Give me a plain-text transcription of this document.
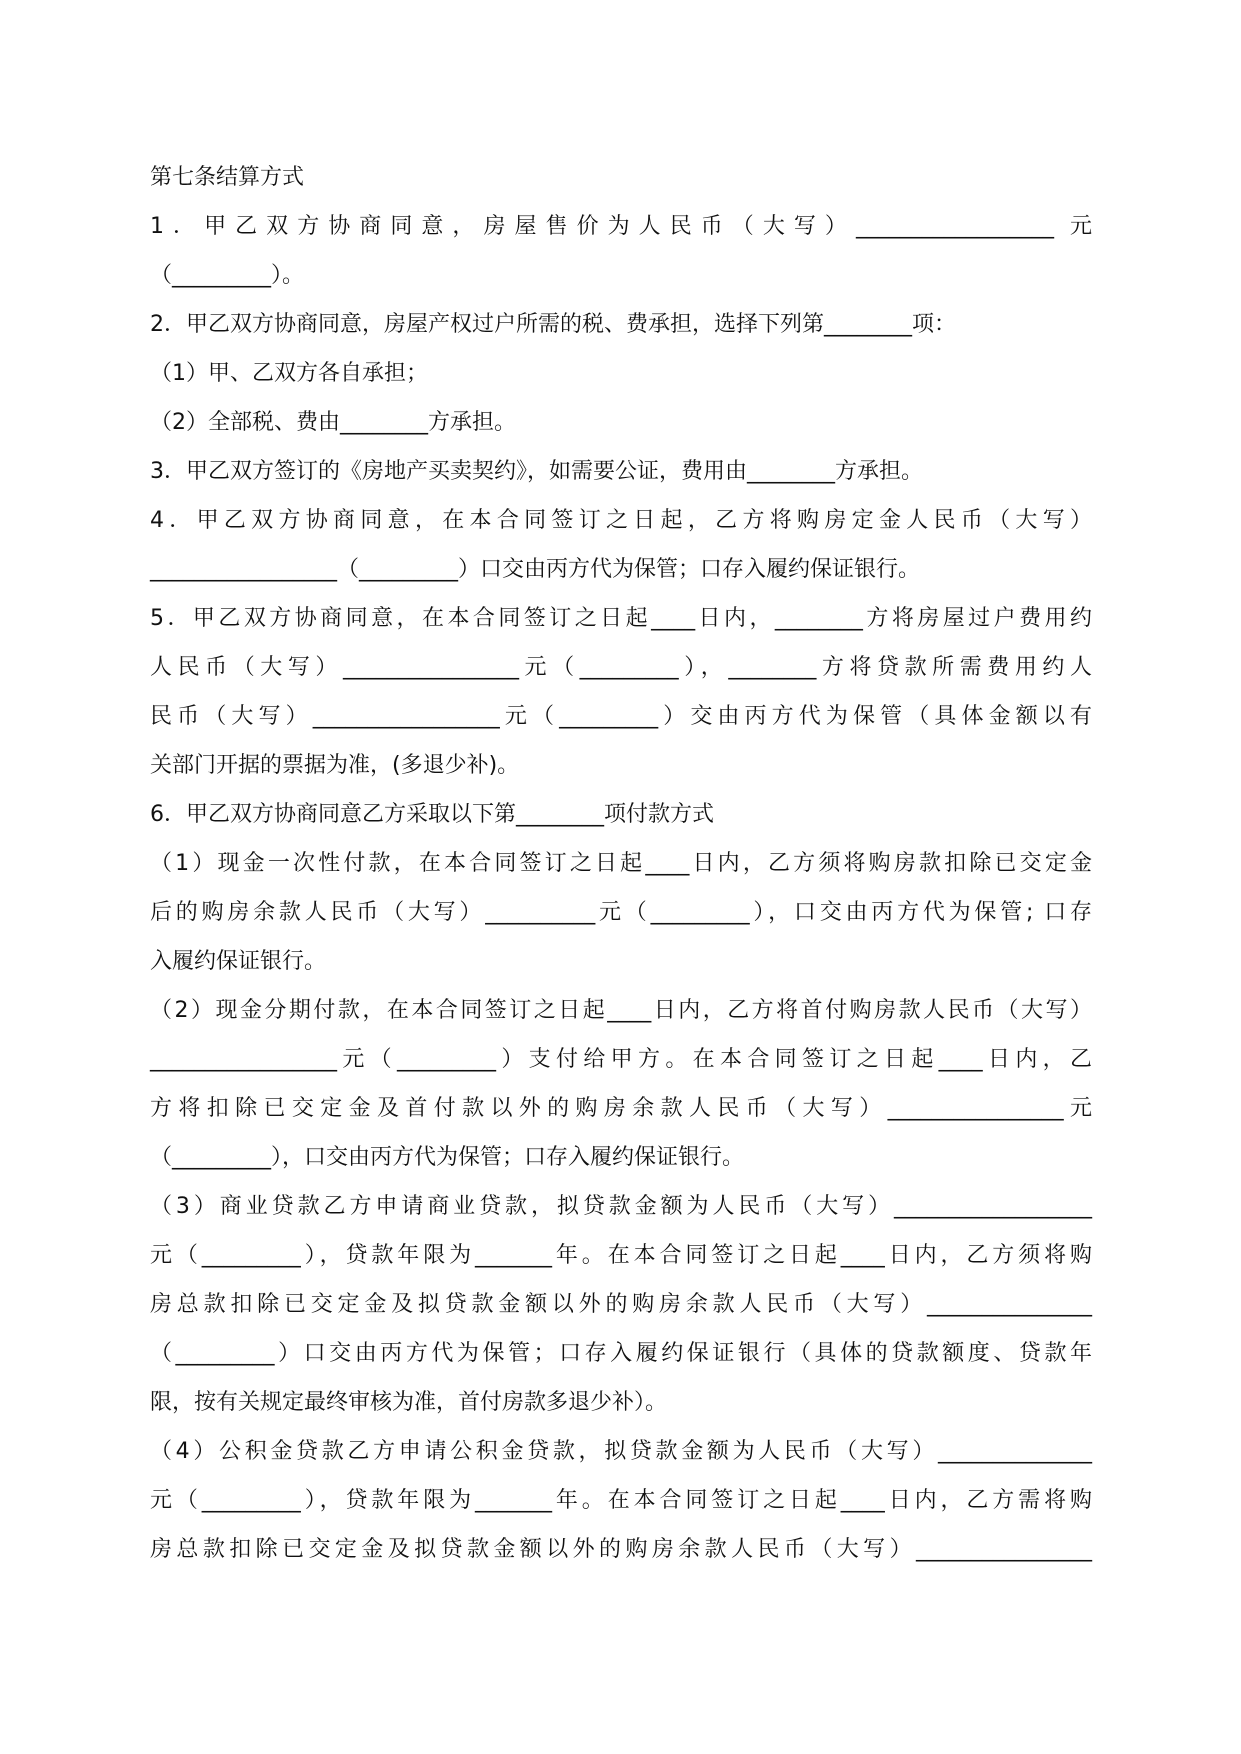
第七条结算方式
1．甲乙双方协商同意，房屋售价为人民币（大写）__________________ 元
（_________）。
2．甲乙双方协商同意，房屋产权过户所需的税、费承担，选择下列第________项：
（1）甲、乙双方各自承担；
（2）全部税、费由________方承担。
3．甲乙双方签订的《房地产买卖契约》，如需要公证，费用由________方承担。
4．甲乙双方协商同意，在本合同签订之日起，乙方将购房定金人民币（大写）
_________________（_________）口交由丙方代为保管；口存入履约保证银行。
5．甲乙双方协商同意，在本合同签订之日起____日内，________方将房屋过户费用约
人民币（大写）________________元（_________），________方将贷款所需费用约人
民币（大写）_________________元（_________）交由丙方代为保管（具体金额以有
关部门开据的票据为准，(多退少补)。
6．甲乙双方协商同意乙方采取以下第________项付款方式
（1）现金一次性付款，在本合同签订之日起____日内，乙方须将购房款扣除已交定金
后的购房余款人民币（大写）__________元（_________），口交由丙方代为保管; 口存
入履约保证银行。
（2）现金分期付款，在本合同签订之日起____日内，乙方将首付购房款人民币（大写）
_________________元（_________）支付给甲方。在本合同签订之日起____日内，乙
方将扣除已交定金及首付款以外的购房余款人民币（大写）________________元
（_________），口交由丙方代为保管；口存入履约保证银行。
（3）商业贷款乙方申请商业贷款，拟贷款金额为人民币（大写）__________________
元（_________），贷款年限为_______年。在本合同签订之日起____日内，乙方须将购
房总款扣除已交定金及拟贷款金额以外的购房余款人民币（大写）_______________
（_________）口交由丙方代为保管；口存入履约保证银行（具体的贷款额度、贷款年
限，按有关规定最终审核为准，首付房款多退少补）。
（4）公积金贷款乙方申请公积金贷款，拟贷款金额为人民币（大写）______________
元（_________），贷款年限为_______年。在本合同签订之日起____日内，乙方需将购
房总款扣除已交定金及拟贷款金额以外的购房余款人民币（大写）________________
